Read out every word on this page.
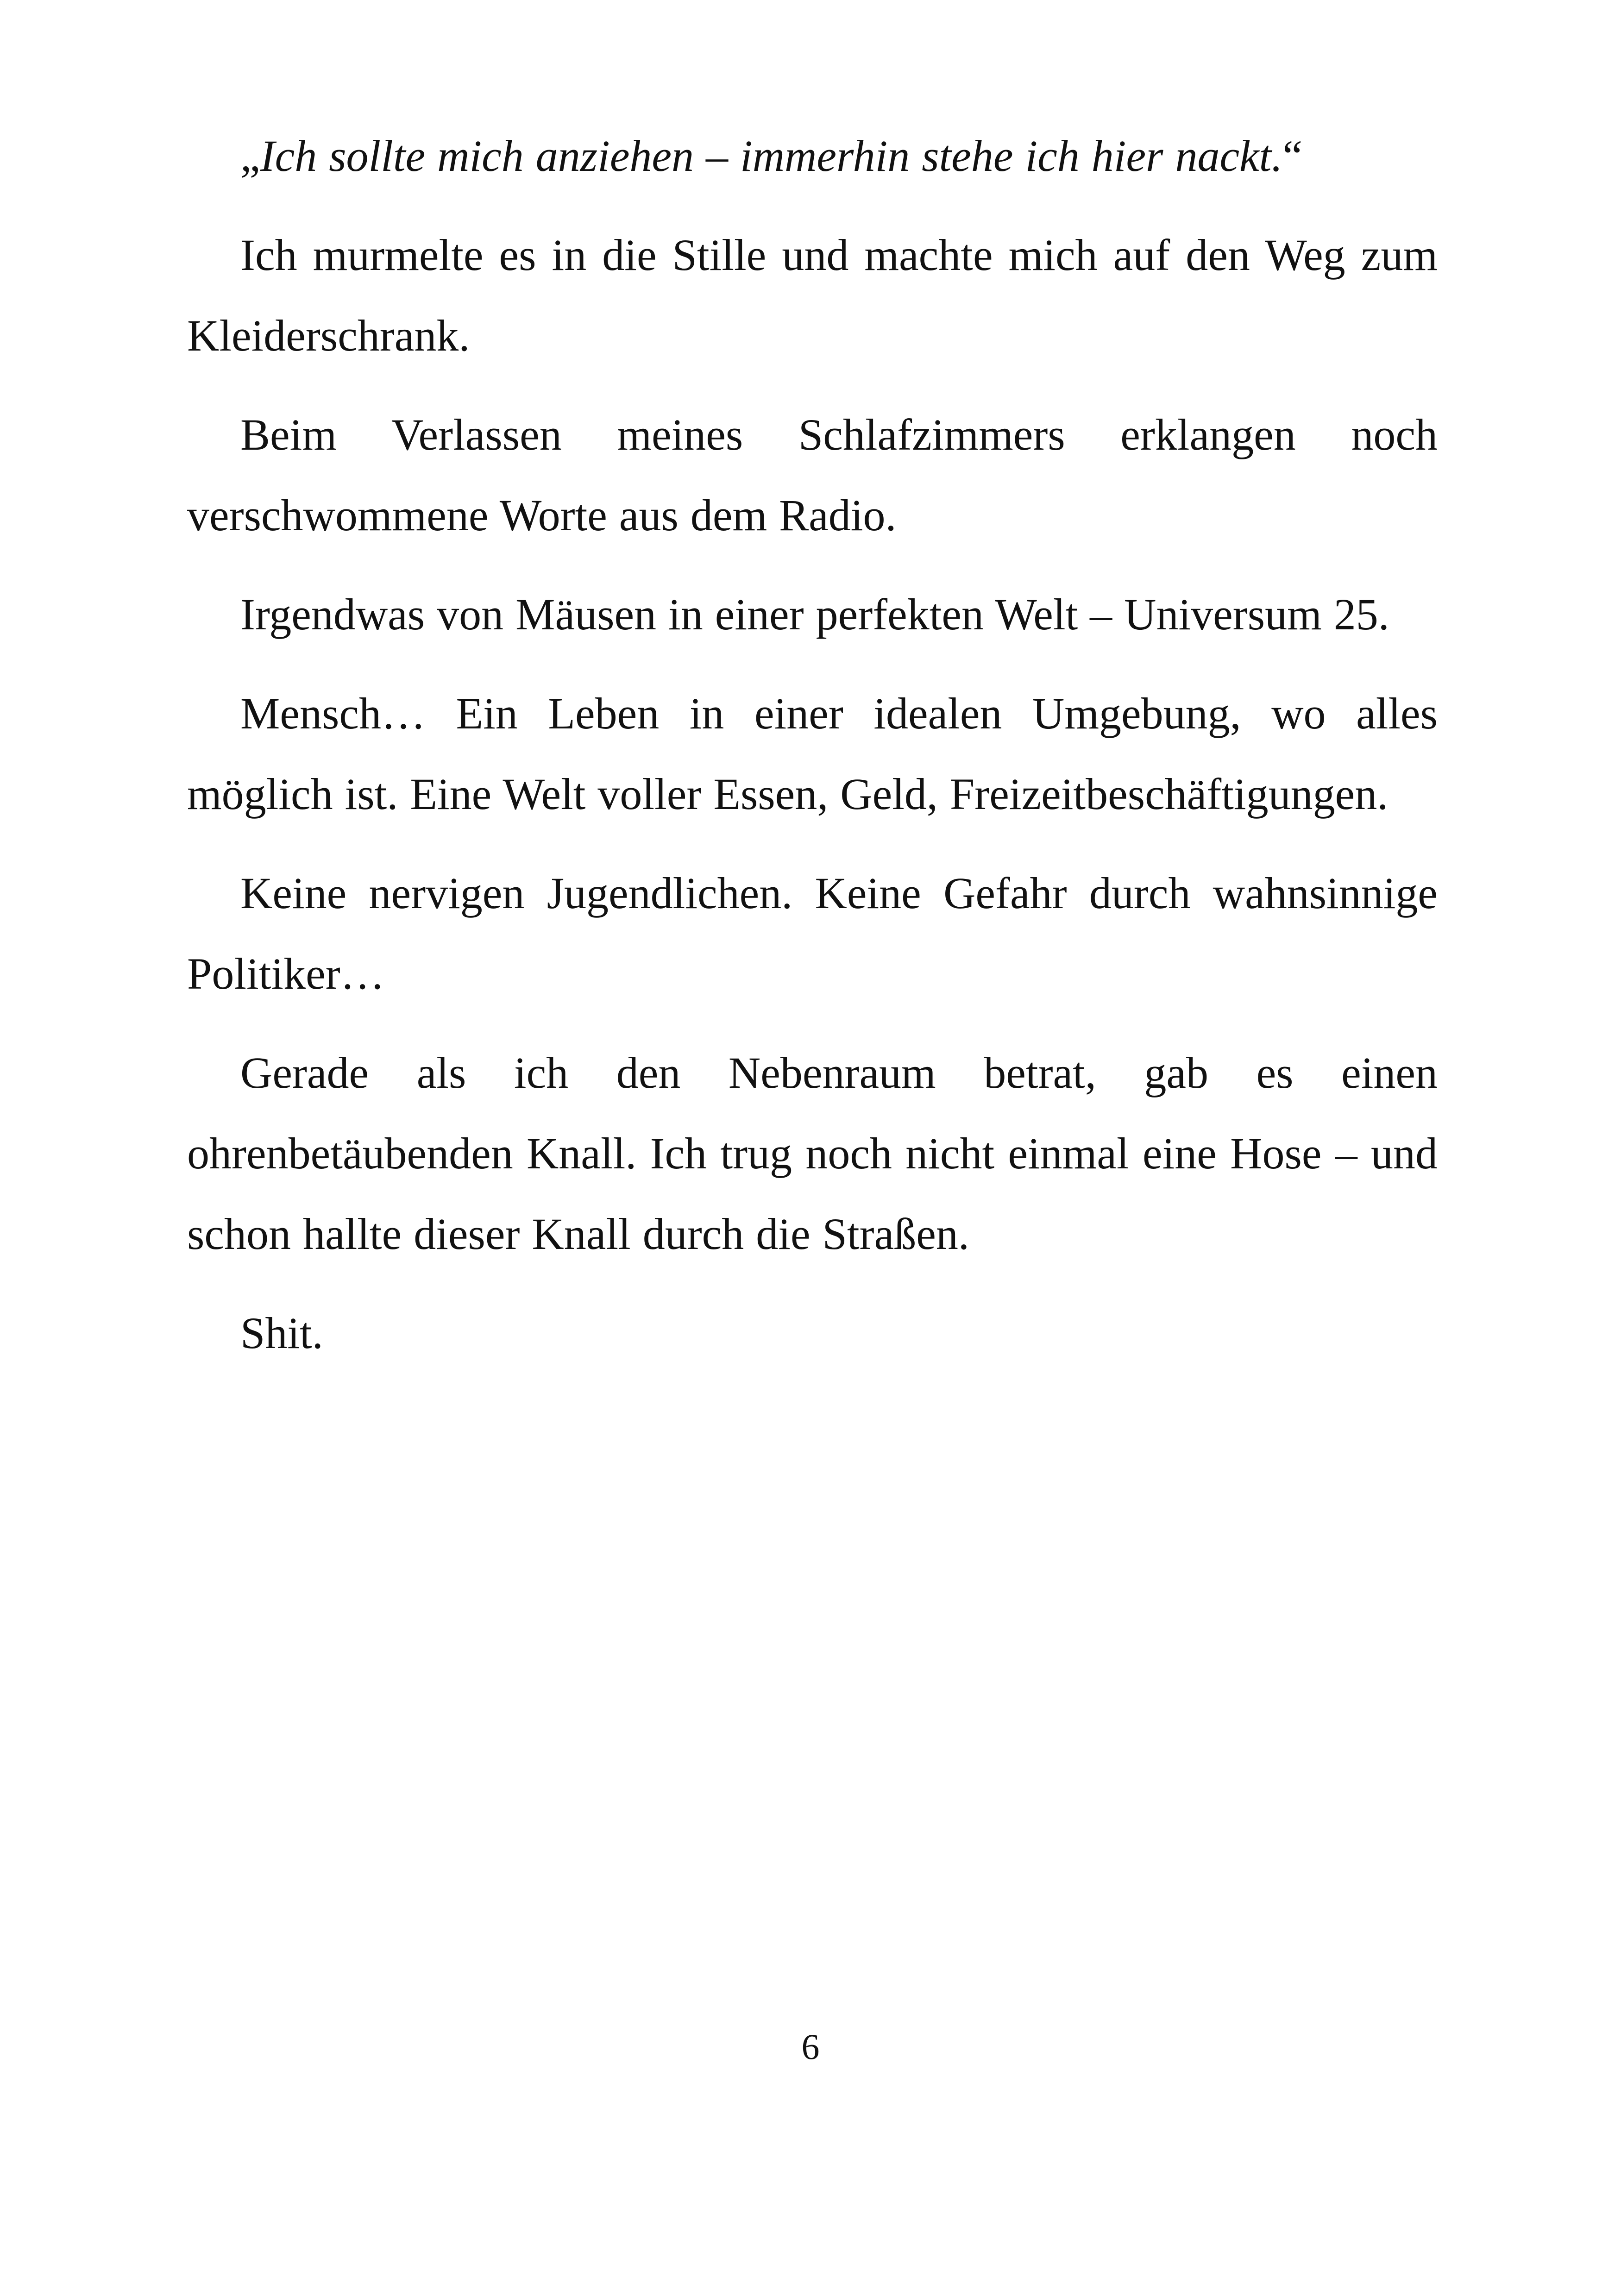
„Ich sollte mich anziehen – immerhin stehe ich hier nackt.“

Ich murmelte es in die Stille und machte mich auf den Weg zum Kleiderschrank.

Beim Verlassen meines Schlafzimmers erklangen noch verschwommene Worte aus dem Radio.

Irgendwas von Mäusen in einer perfekten Welt – Universum 25.

Mensch… Ein Leben in einer idealen Umgebung, wo alles möglich ist. Eine Welt voller Essen, Geld, Freizeitbeschäftigungen.

Keine nervigen Jugendlichen. Keine Gefahr durch wahnsinnige Politiker…

Gerade als ich den Nebenraum betrat, gab es einen ohrenbetäubenden Knall. Ich trug noch nicht einmal eine Hose – und schon hallte dieser Knall durch die Straßen.

Shit.

6
